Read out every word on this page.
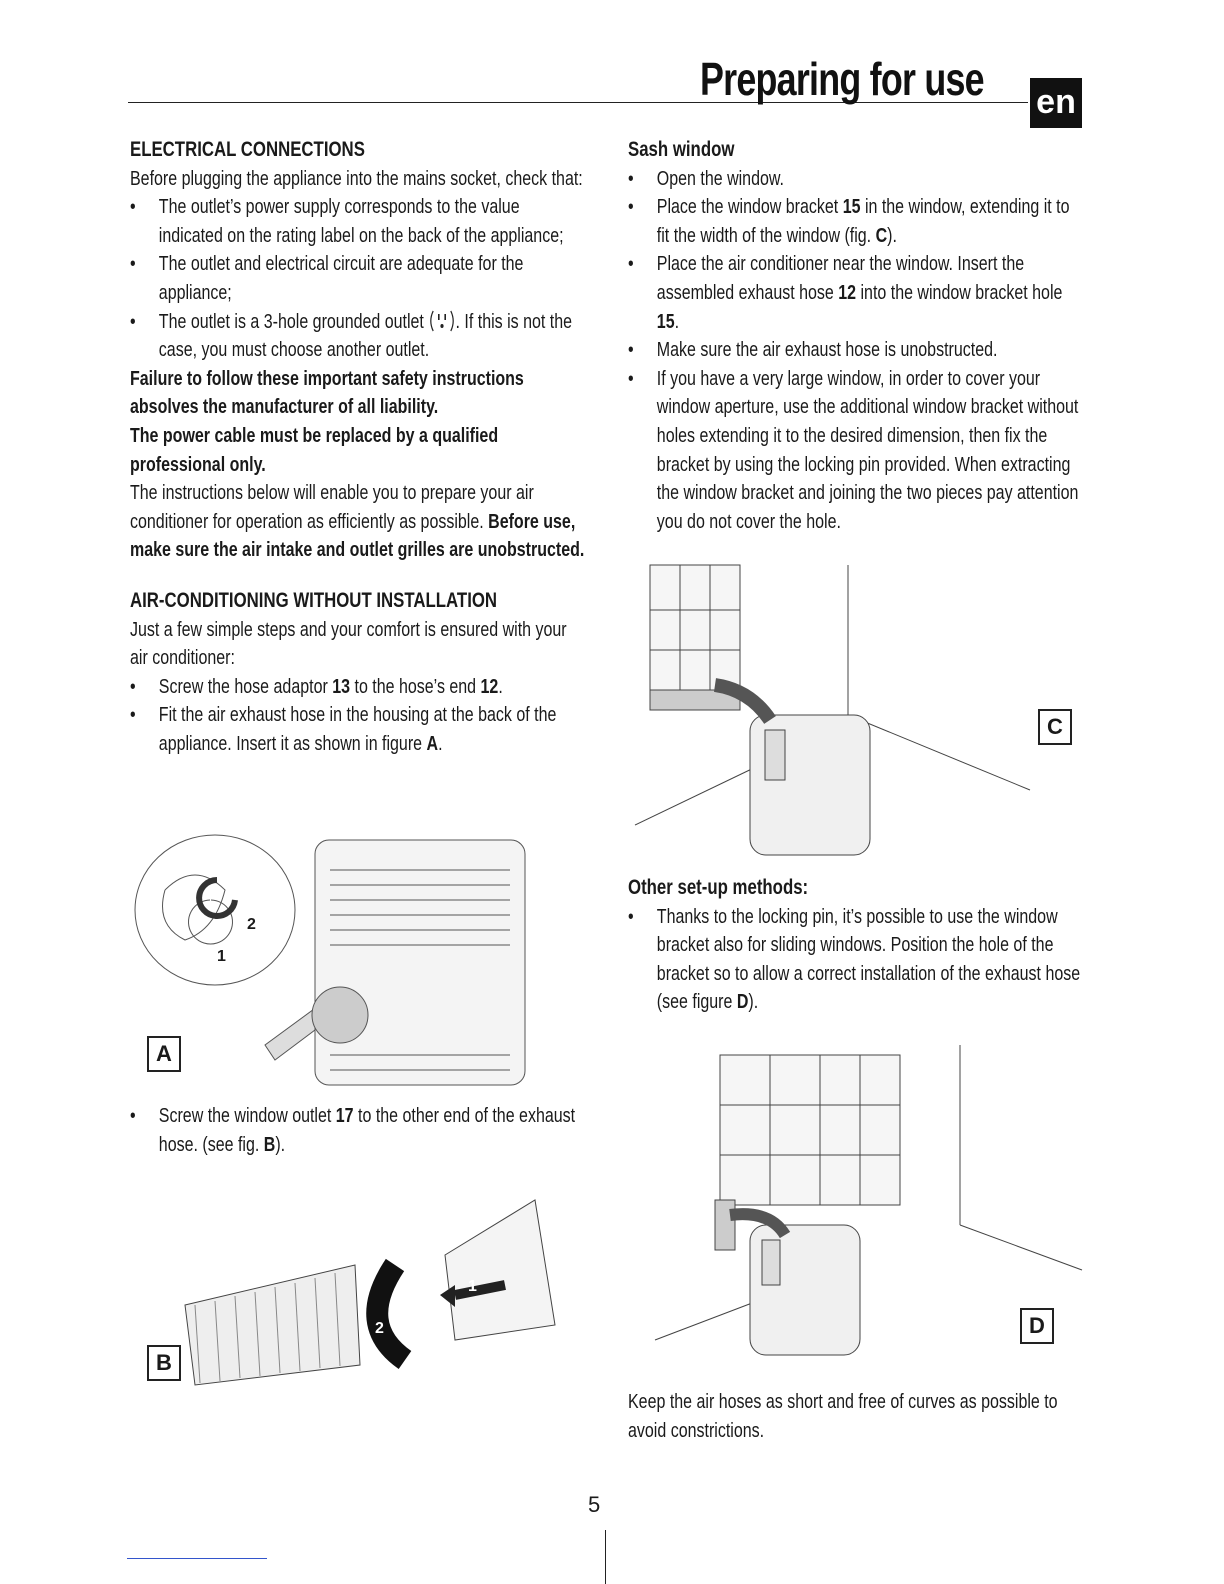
Preparing for use en

ELECTRICAL CONNECTIONS

Before plugging the appliance into the mains socket, check that:

• The outlet’s power supply corresponds to the value indicated on the rating label on the back of the appliance;
• The outlet and electrical circuit are adequate for the appliance;
• The outlet is a 3-hole grounded outlet . If this is not the case, you must choose another outlet.

Failure to follow these important safety instructions absolves the manufacturer of all liability.

The power cable must be replaced by a qualified professional only.

The instructions below will enable you to prepare your air conditioner for operation as efficiently as possible. Before use, make sure the air intake and outlet grilles are unobstructed.

AIR-CONDITIONING WITHOUT INSTALLATION

Just a few simple steps and your comfort is ensured with your air conditioner:

• Screw the hose adaptor 13 to the hose’s end 12.
• Fit the air exhaust hose in the housing at the back of the appliance. Insert it as shown in figure A.
• Screw the window outlet 17 to the other end of the exhaust hose. (see fig. B).
1
2
A
1
2
B

Sash window

• Open the window.
• Place the window bracket 15 in the window, extending it to fit the width of the window (fig. C).
• Place the air conditioner near the window. Insert the assembled exhaust hose 12 into the window bracket hole 15.
• Make sure the air exhaust hose is unobstructed.
• If you have a very large window, in order to cover your window aperture, use the additional window bracket without holes extending it to the desired dimension, then fix the bracket by using the locking pin provided. When extracting the window bracket and joining the two pieces pay attention you do not cover the hole.
C

Other set-up methods:

• Thanks to the locking pin, it’s possible to use the window bracket also for sliding windows. Position the hole of the bracket so to allow a correct installation of the exhaust hose (see figure D).
D

Keep the air hoses as short and free of curves as possible to avoid constrictions.

5
